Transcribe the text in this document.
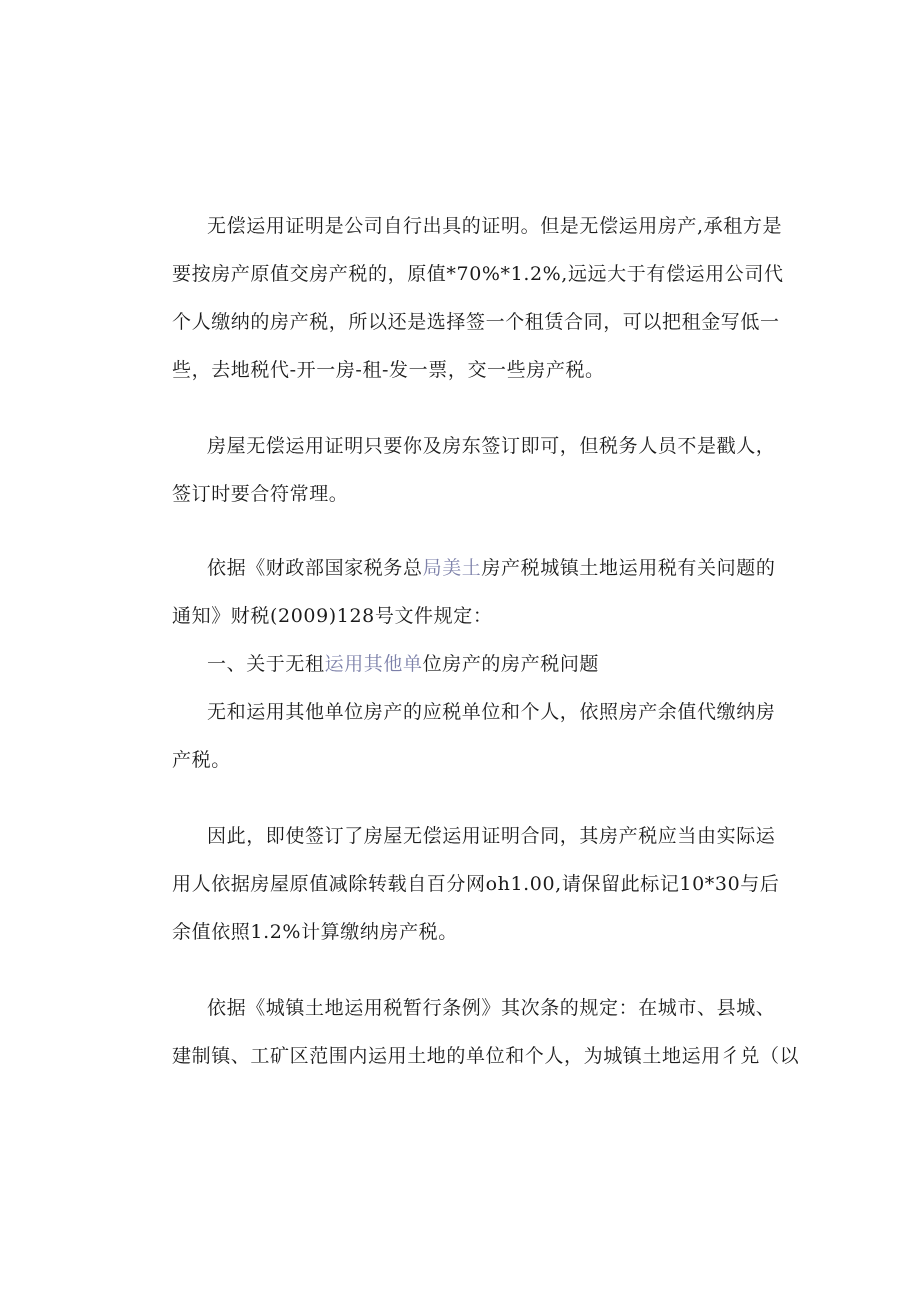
无偿运用证明是公司自行出具的证明。但是无偿运用房产,承租方是
要按房产原值交房产税的，原值*70%*1.2%,远远大于有偿运用公司代
个人缴纳的房产税，所以还是选择签一个租赁合同，可以把租金写低一
些，去地税代-开一房-租-发一票，交一些房产税。
房屋无偿运用证明只要你及房东签订即可，但税务人员不是戳人，
签订时要合符常理。
依据《财政部国家税务总局美土房产税城镇土地运用税有关问题的
通知》财税(2009)128号文件规定：
一、关于无租运用其他单位房产的房产税问题
无和运用其他单位房产的应税单位和个人，依照房产余值代缴纳房
产税。
因此，即使签订了房屋无偿运用证明合同，其房产税应当由实际运
用人依据房屋原值减除转载自百分网oh1.00,请保留此标记10*30与后
余值依照1.2%计算缴纳房产税。
依据《城镇土地运用税暂行条例》其次条的规定：在城市、县城、
建制镇、工矿区范围内运用土地的单位和个人，为城镇土地运用彳兑（以
